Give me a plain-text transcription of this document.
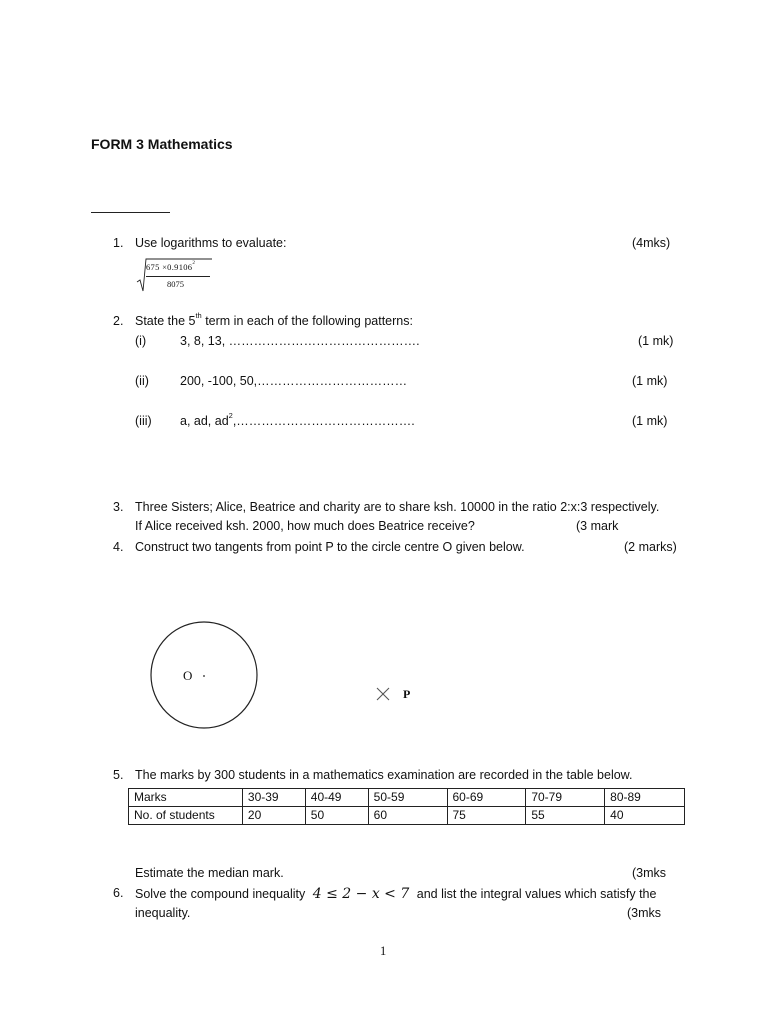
FORM 3 Mathematics
1. Use logarithms to evaluate:	(4mks)
$675 \times 0.9106^2$
8075
2. State the 5th term in each of the following patterns:
(i)	3, 8, 13, ……………………………………….	(1 mk)
(ii) 200, -100, 50,………………………………	(1 mk)
(iii) a, ad, $ad^2,\dots\dots\dots\dots\dots\dots\dots\dots\dots\dots\dots\dots\dots\dots$.	(1 mk)
3. Three Sisters; Alice, Beatrice and charity are to share ksh. 10000 in the ratio 2:x:3 respectively.
If Alice received ksh. 2000, how much does Beatrice receive?	(3 mark
4. Construct two tangents from point P to the circle centre O given below.	(2 marks)
O
P
5. The marks by 300 students in a mathematics examination are recorded in the table below.
Marks	30-39	40-49	50-59	60-69	70-79	80-89
No. of students	20	50	60	75	55	40
Estimate the median mark.	(3mks
6. Solve the compound inequality 4 ≤ 2 − x < 7 and list the integral values which satisfy the
inequality.	(3mks
1
